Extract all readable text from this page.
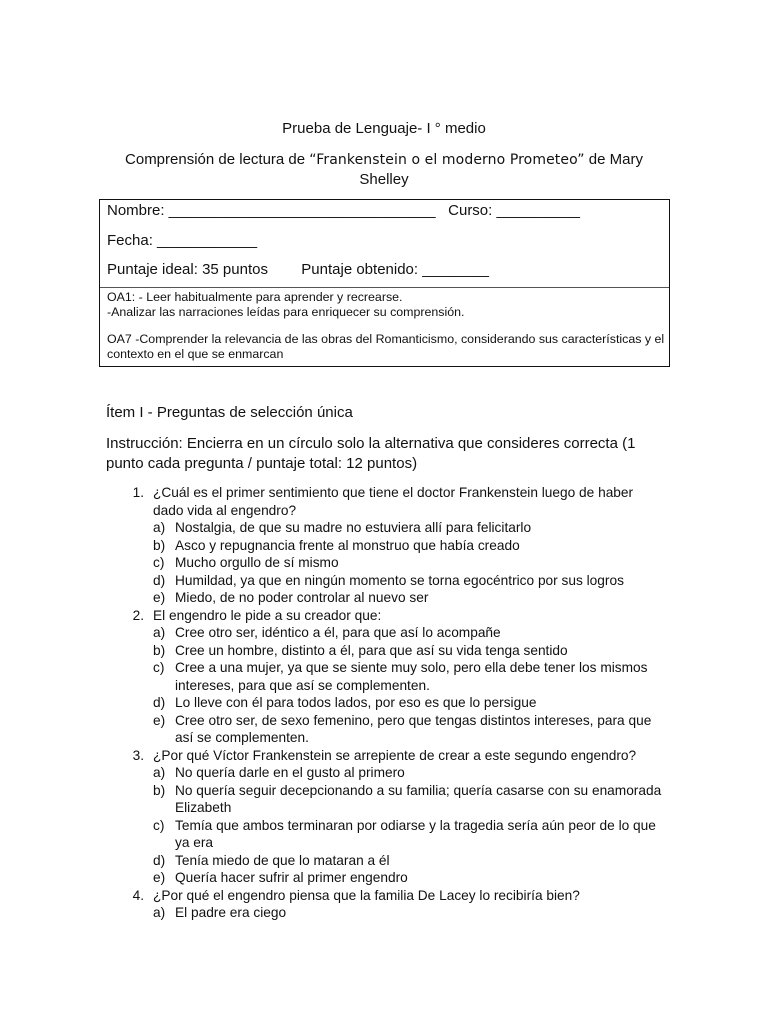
Prueba de Lenguaje- I ° medio
Comprensión de lectura de “Frankenstein o el moderno Prometeo” de Mary Shelley
Nombre: ________________________________   Curso: __________
Fecha: ____________
Puntaje ideal: 35 puntos        Puntaje obtenido: ________

OA1: - Leer habitualmente para aprender y recrearse.

-Analizar las narraciones leídas para enriquecer su comprensión.

OA7 -Comprender la relevancia de las obras del Romanticismo, considerando sus características y el contexto en el que se enmarcan

Ítem I - Preguntas de selección única
Instrucción: Encierra en un círculo solo la alternativa que consideres correcta (1 punto cada pregunta / puntaje total: 12 puntos)
1. ¿Cuál es el primer sentimiento que tiene el doctor Frankenstein luego de haber dado vida al engendro?
a) Nostalgia, de que su madre no estuviera allí para felicitarlo
b) Asco y repugnancia frente al monstruo que había creado
c) Mucho orgullo de sí mismo
d) Humildad, ya que en ningún momento se torna egocéntrico por sus logros
e) Miedo, de no poder controlar al nuevo ser
2. El engendro le pide a su creador que:
a) Cree otro ser, idéntico a él, para que así lo acompañe
b) Cree un hombre, distinto a él, para que así su vida tenga sentido
c) Cree a una mujer, ya que se siente muy solo, pero ella debe tener los mismos intereses, para que así se complementen.
d) Lo lleve con él para todos lados, por eso es que lo persigue
e) Cree otro ser, de sexo femenino, pero que tengas distintos intereses, para que así se complementen.
3. ¿Por qué Víctor Frankenstein se arrepiente de crear a este segundo engendro?
a) No quería darle en el gusto al primero
b) No quería seguir decepcionando a su familia; quería casarse con su enamorada Elizabeth
c) Temía que ambos terminaran por odiarse y la tragedia sería aún peor de lo que ya era
d) Tenía miedo de que lo mataran a él
e) Quería hacer sufrir al primer engendro
4. ¿Por qué el engendro piensa que la familia De Lacey lo recibiría bien?
a) El padre era ciego
